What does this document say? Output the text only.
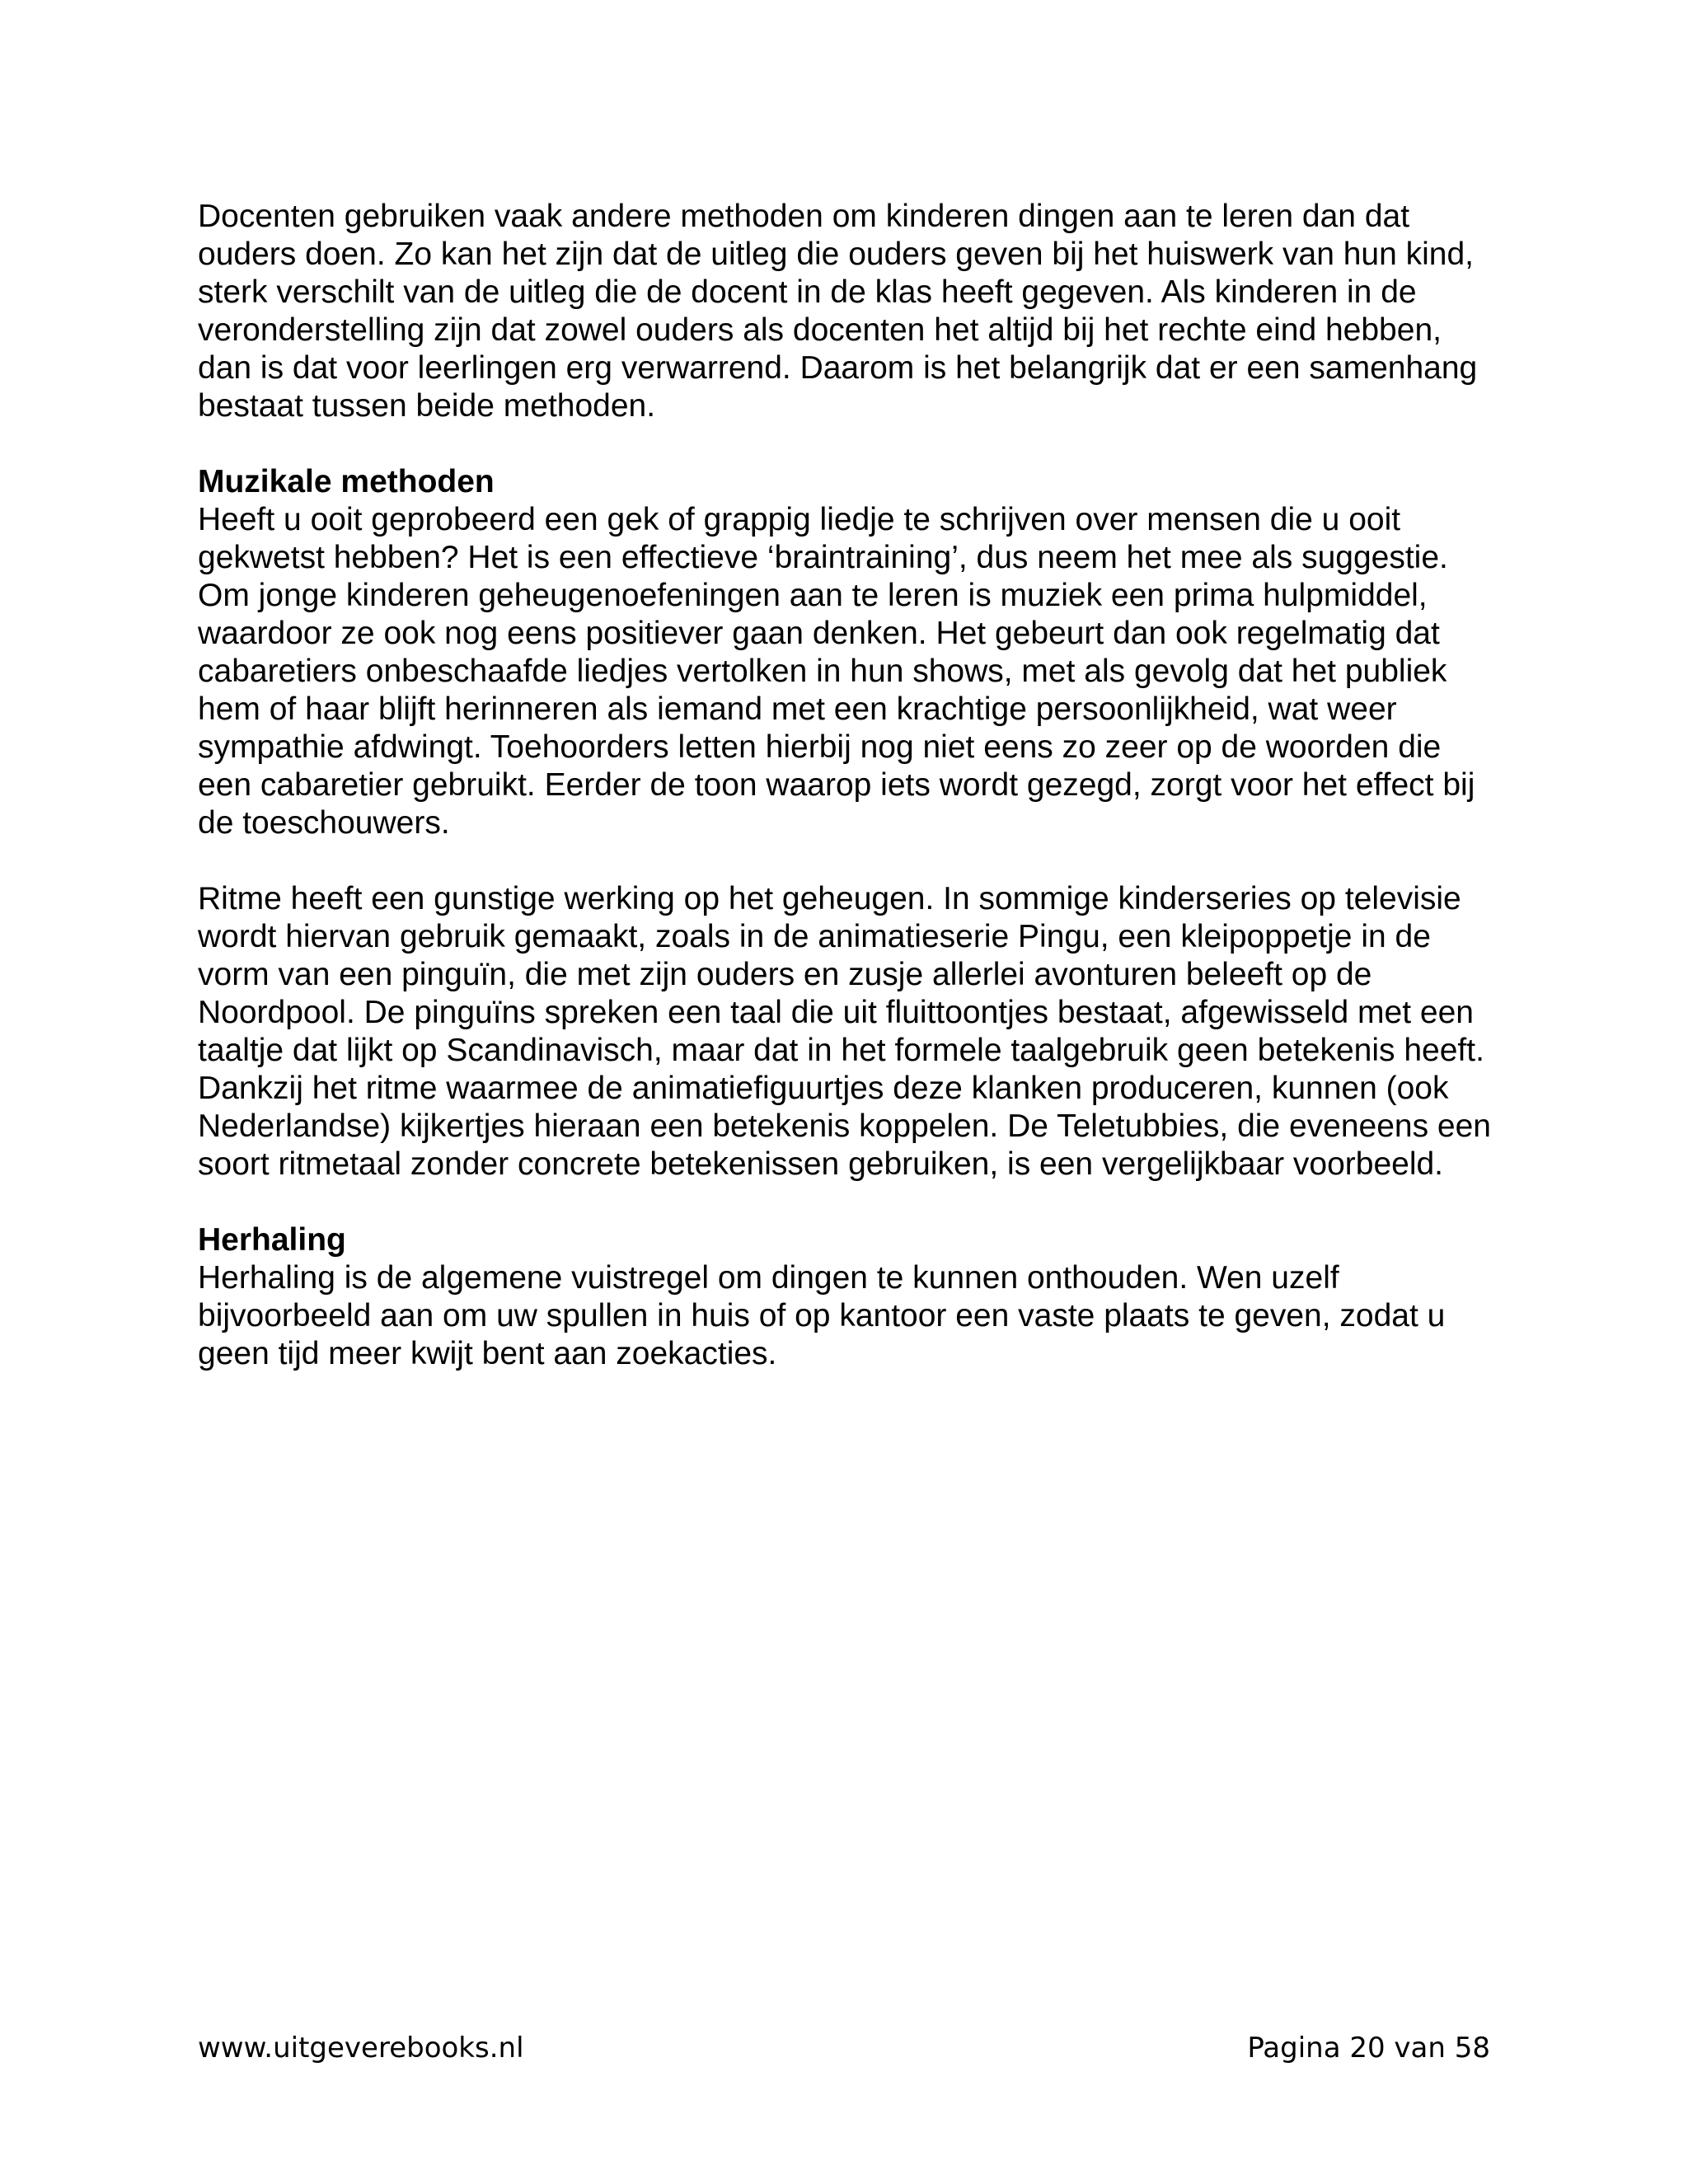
Docenten gebruiken vaak andere methoden om kinderen dingen aan te leren dan dat ouders doen. Zo kan het zijn dat de uitleg die ouders geven bij het huiswerk van hun kind, sterk verschilt van de uitleg die de docent in de klas heeft gegeven. Als kinderen in de veronderstelling zijn dat zowel ouders als docenten het altijd bij het rechte eind hebben, dan is dat voor leerlingen erg verwarrend. Daarom is het belangrijk dat er een samenhang bestaat tussen beide methoden.

Muzikale methoden

Heeft u ooit geprobeerd een gek of grappig liedje te schrijven over mensen die u ooit gekwetst hebben? Het is een effectieve ‘braintraining’, dus neem het mee als suggestie. Om jonge kinderen geheugenoefeningen aan te leren is muziek een prima hulpmiddel, waardoor ze ook nog eens positiever gaan denken. Het gebeurt dan ook regelmatig dat cabaretiers onbeschaafde liedjes vertolken in hun shows, met als gevolg dat het publiek hem of haar blijft herinneren als iemand met een krachtige persoonlijkheid, wat weer sympathie afdwingt. Toehoorders letten hierbij nog niet eens zo zeer op de woorden die een cabaretier gebruikt. Eerder de toon waarop iets wordt gezegd, zorgt voor het effect bij de toeschouwers.

Ritme heeft een gunstige werking op het geheugen. In sommige kinderseries op televisie wordt hiervan gebruik gemaakt, zoals in de animatieserie Pingu, een kleipoppetje in de vorm van een pinguïn, die met zijn ouders en zusje allerlei avonturen beleeft op de Noordpool. De pinguïns spreken een taal die uit fluittoontjes bestaat, afgewisseld met een taaltje dat lijkt op Scandinavisch, maar dat in het formele taalgebruik geen betekenis heeft. Dankzij het ritme waarmee de animatiefiguurtjes deze klanken produceren, kunnen (ook Nederlandse) kijkertjes hieraan een betekenis koppelen. De Teletubbies, die eveneens een soort ritmetaal zonder concrete betekenissen gebruiken, is een vergelijkbaar voorbeeld.

Herhaling

Herhaling is de algemene vuistregel om dingen te kunnen onthouden. Wen uzelf bijvoorbeeld aan om uw spullen in huis of op kantoor een vaste plaats te geven, zodat u geen tijd meer kwijt bent aan zoekacties.

www.uitgeverebooks.nl	Pagina 20 van 58
